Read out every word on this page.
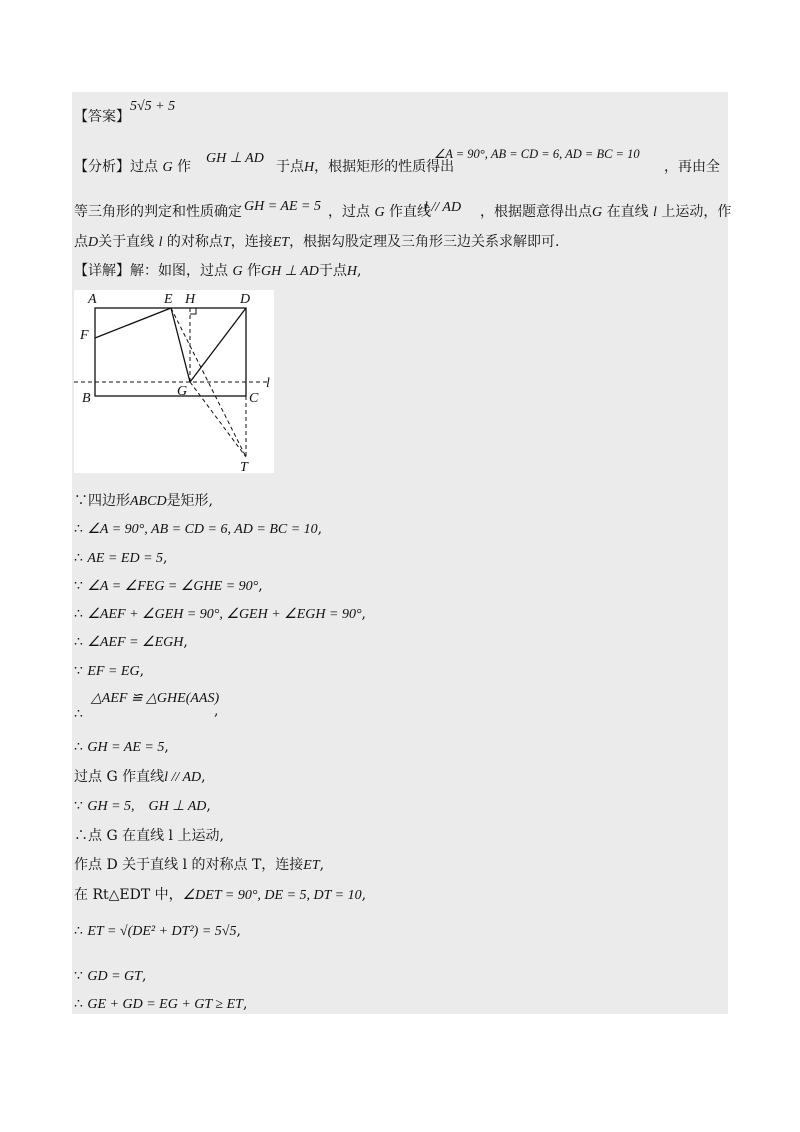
【答案】
5√5 + 5
【分析】过点 G 作
GH ⊥ AD
于点H，根据矩形的性质得出
∠A = 90°, AB = CD = 6, AD = BC = 10
，再由全
等三角形的判定和性质确定 GH = AE = 5 ，过点 G 作直线
l // AD ，根据题意得出点G 在直线 l 上运动，作
点D关于直线 l 的对称点T，连接ET，根据勾股定理及三角形三边关系求解即可.
【详解】解：如图，过点 G 作GH ⊥ AD于点H,
A	E H	D
F
B	G	C
l
T
∵四边形ABCD是矩形,
∴ ∠A = 90°, AB = CD = 6, AD = BC = 10,
∴ AE = ED = 5,
∵ ∠A = ∠FEG = ∠GHE = 90°,
∴ ∠AEF + ∠GEH = 90°, ∠GEH + ∠EGH = 90°,
∴ ∠AEF = ∠EGH,
∵ EF = EG,
△AEF ≌ △GHE(AAS)
∴	,
∴ GH = AE = 5,
过点 G 作直线l // AD,
∵ GH = 5,    GH ⊥ AD,
∴点 G 在直线 l 上运动,
作点 D 关于直线 l 的对称点 T，连接ET,
在 Rt△EDT 中，∠DET = 90°, DE = 5, DT = 10,
∴ ET = √(DE² + DT²) = 5√5,
∵ GD = GT,
∴ GE + GD = EG + GT ≥ ET,
